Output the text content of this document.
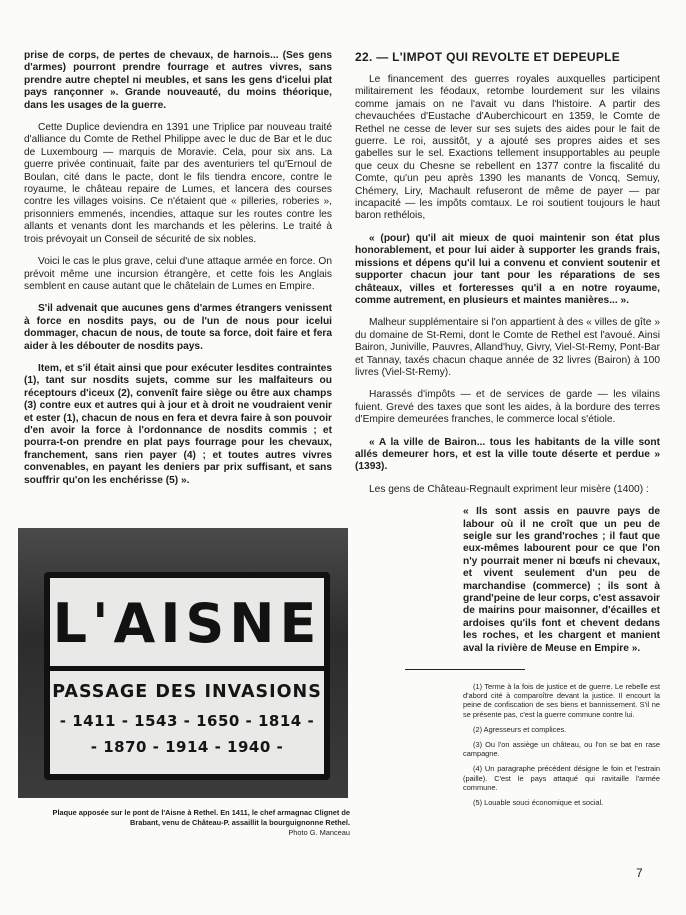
prise de corps, de pertes de chevaux, de harnois... (Ses gens d'armes) pourront prendre fourrage et autres vivres, sans prendre autre cheptel ni meubles, et sans les gens d'icelui plat pays rançonner ». Grande nouveauté, du moins théorique, dans les usages de la guerre.

Cette Duplice deviendra en 1391 une Triplice par nouveau traité d'alliance du Comte de Rethel Philippe avec le duc de Bar et le duc de Luxembourg — marquis de Moravie. Cela, pour six ans. La guerre privée continuait, faite par des aventuriers tel qu'Ernoul de Boulan, cité dans le pacte, dont le fils tiendra encore, contre le royaume, le château repaire de Lumes, et lancera des courses contre les villages voisins. Ce n'étaient que « pilleries, roberies », prisonniers emmenés, incendies, attaque sur les routes contre les allants et venants dont les marchands et les pèlerins. Le traité à trois prévoyait un Conseil de sécurité de six nobles.

Voici le cas le plus grave, celui d'une attaque armée en force. On prévoit même une incursion étrangère, et cette fois les Anglais semblent en cause autant que le châtelain de Lumes en Empire.

S'il advenait que aucunes gens d'armes étrangers venissent à force en nosdits pays, ou de l'un de nous pour icelui dommager, chacun de nous, de toute sa force, doit faire et fera aider à les débouter de nosdits pays.

Item, et s'il était ainsi que pour exécuter lesdites contraintes (1), tant sur nosdits sujets, comme sur les malfaiteurs ou réceptours d'iceux (2), convenît faire siège ou être aux champs (3) contre eux et autres qui à jour et à droit ne voudraient venir et ester (1), chacun de nous en fera et devra faire à son pouvoir d'en avoir la force à l'ordonnance de nosdits commis ; et pourra-t-on prendre en plat pays fourrage pour les chevaux, franchement, sans rien payer (4) ; et toutes autres vivres convenables, en payant les deniers par prix suffisant, et sans souffrir qu'on les enchérisse (5) ».

22. — L'IMPOT QUI REVOLTE ET DEPEUPLE

Le financement des guerres royales auxquelles participent militairement les féodaux, retombe lourdement sur les vilains comme jamais on ne l'avait vu dans l'histoire. A partir des chevauchées d'Eustache d'Auberchicourt en 1359, le Comte de Rethel ne cesse de lever sur ses sujets des aides pour le fait de guerre. Le roi, aussitôt, y a ajouté ses propres aides et ses gabelles sur le sel. Exactions tellement insupportables au peuple que ceux du Chesne se rebellent en 1377 contre la fiscalité du Comte, qu'un peu après 1390 les manants de Voncq, Semuy, Chémery, Liry, Machault refuseront de même de payer — par incapacité — les impôts comtaux. Le roi soutient toujours le haut baron rethélois,

« (pour) qu'il ait mieux de quoi maintenir son état plus honorablement, et pour lui aider à supporter les grands frais, missions et dépens qu'il lui a convenu et convient soutenir et supporter chacun jour tant pour les réparations de ses châteaux, villes et forteresses qu'il a en notre royaume, comme autrement, en plusieurs et maintes manières... ».

Malheur supplémentaire si l'on appartient à des « villes de gîte » du domaine de St-Remi, dont le Comte de Rethel est l'avoué. Ainsi Bairon, Juniville, Pauvres, Alland'huy, Givry, Viel-St-Remy, Pont-Bar et Tannay, taxés chacun chaque année de 32 livres (Bairon) à 100 livres (Viel-St-Remy).

Harassés d'impôts — et de services de garde — les vilains fuient. Grevé des taxes que sont les aides, à la bordure des terres d'Empire demeurées franches, le commerce local s'étiole.

« A la ville de Bairon... tous les habitants de la ville sont allés demeurer hors, et est la ville toute déserte et perdue » (1393).

Les gens de Château-Regnault expriment leur misère (1400) :

« Ils sont assis en pauvre pays de labour où il ne croît que un peu de seigle sur les grand'roches ; il faut que eux-mêmes labourent pour ce que l'on n'y pourrait mener ni bœufs ni chevaux, et vivent seulement d'un peu de marchandise (commerce) ; ils sont à grand'peine de leur corps, c'est assavoir de mairins pour maisonner, d'écailles et ardoises qu'ils font et chevent dedans les roches, et les chargent et manient aval la rivière de Meuse en Empire ».

(1) Terme à la fois de justice et de guerre. Le rebelle est d'abord cité à comparoître devant la justice. Il encourt la peine de confiscation de ses biens et bannissement. S'il ne se présente pas, c'est la guerre commune contre lui.

(2) Agresseurs et complices.

(3) Ou l'on assiège un château, ou l'on se bat en rase campagne.

(4) Un paragraphe précédent désigne le foin et l'estrain (paille). C'est le pays attaqué qui ravitaille l'armée commune.

(5) Louable souci économique et social.

L'AISNE
PASSAGE DES INVASIONS
- 1411 - 1543 - 1650 - 1814 -
- 1870 - 1914 - 1940 -
Plaque apposée sur le pont de l'Aisne à Rethel. En 1411, le chef armagnac Clignet de Brabant, venu de Château-P. assaillit la bourguignonne Rethel.
Photo G. Manceau
7
